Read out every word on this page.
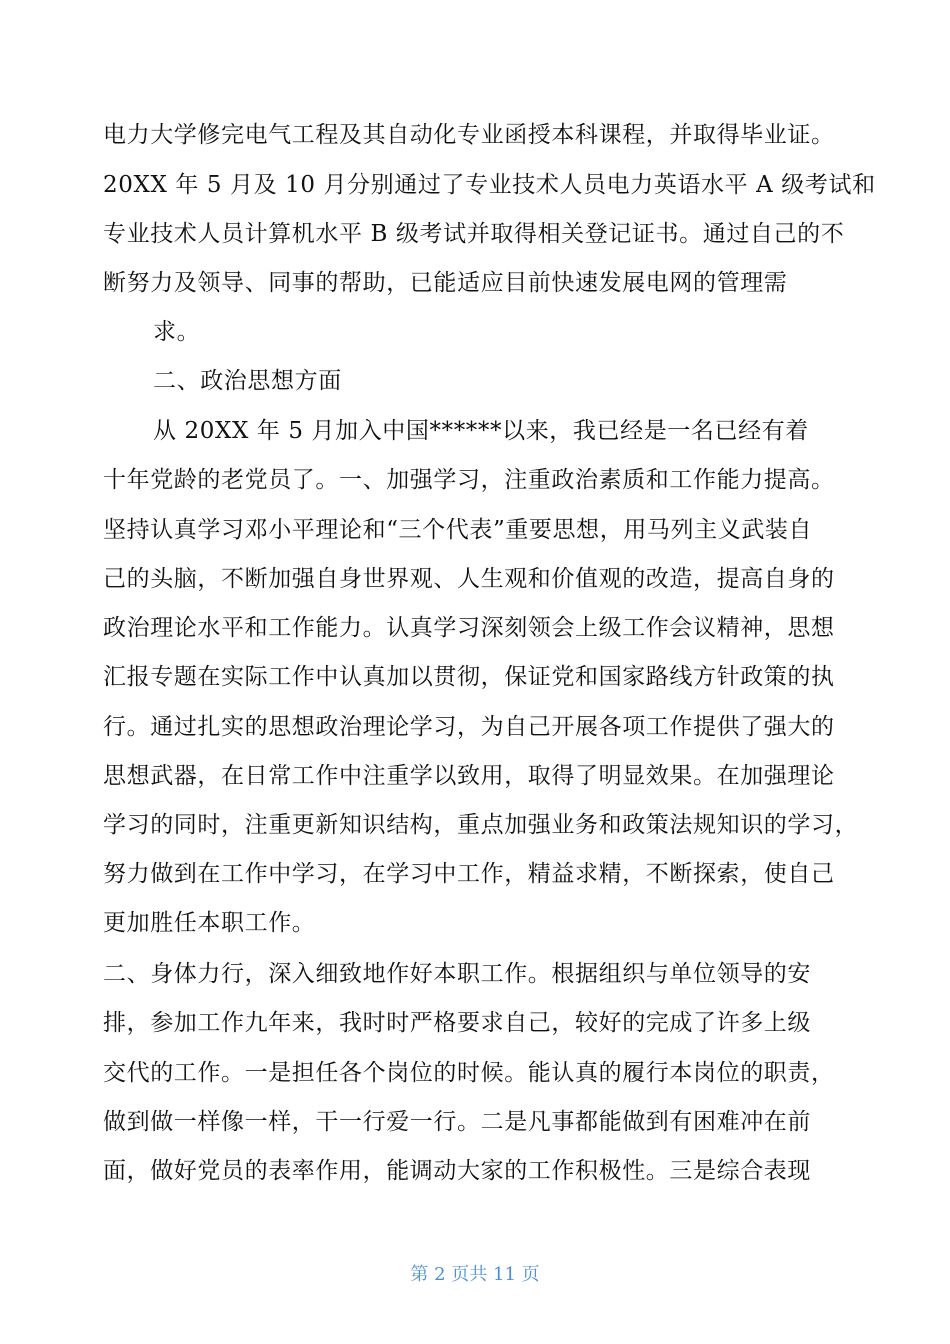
电力大学修完电气工程及其自动化专业函授本科课程，并取得毕业证。
20XX 年 5 月及 10 月分别通过了专业技术人员电力英语水平 A 级考试和
专业技术人员计算机水平 B 级考试并取得相关登记证书。通过自己的不
断努力及领导、同事的帮助，已能适应目前快速发展电网的管理需
求。
二、政治思想方面
从 20XX 年 5 月加入中国******以来，我已经是一名已经有着
十年党龄的老党员了。一、加强学习，注重政治素质和工作能力提高。
坚持认真学习邓小平理论和“三个代表”重要思想，用马列主义武装自
己的头脑，不断加强自身世界观、人生观和价值观的改造，提高自身的
政治理论水平和工作能力。认真学习深刻领会上级工作会议精神，思想
汇报专题在实际工作中认真加以贯彻，保证党和国家路线方针政策的执
行。通过扎实的思想政治理论学习，为自己开展各项工作提供了强大的
思想武器，在日常工作中注重学以致用，取得了明显效果。在加强理论
学习的同时，注重更新知识结构，重点加强业务和政策法规知识的学习，
努力做到在工作中学习，在学习中工作，精益求精，不断探索，使自己
更加胜任本职工作。
二、身体力行，深入细致地作好本职工作。根据组织与单位领导的安
排，参加工作九年来，我时时严格要求自己，较好的完成了许多上级
交代的工作。一是担任各个岗位的时候。能认真的履行本岗位的职责，
做到做一样像一样，干一行爱一行。二是凡事都能做到有困难冲在前
面，做好党员的表率作用，能调动大家的工作积极性。三是综合表现
第 2 页共 11 页
